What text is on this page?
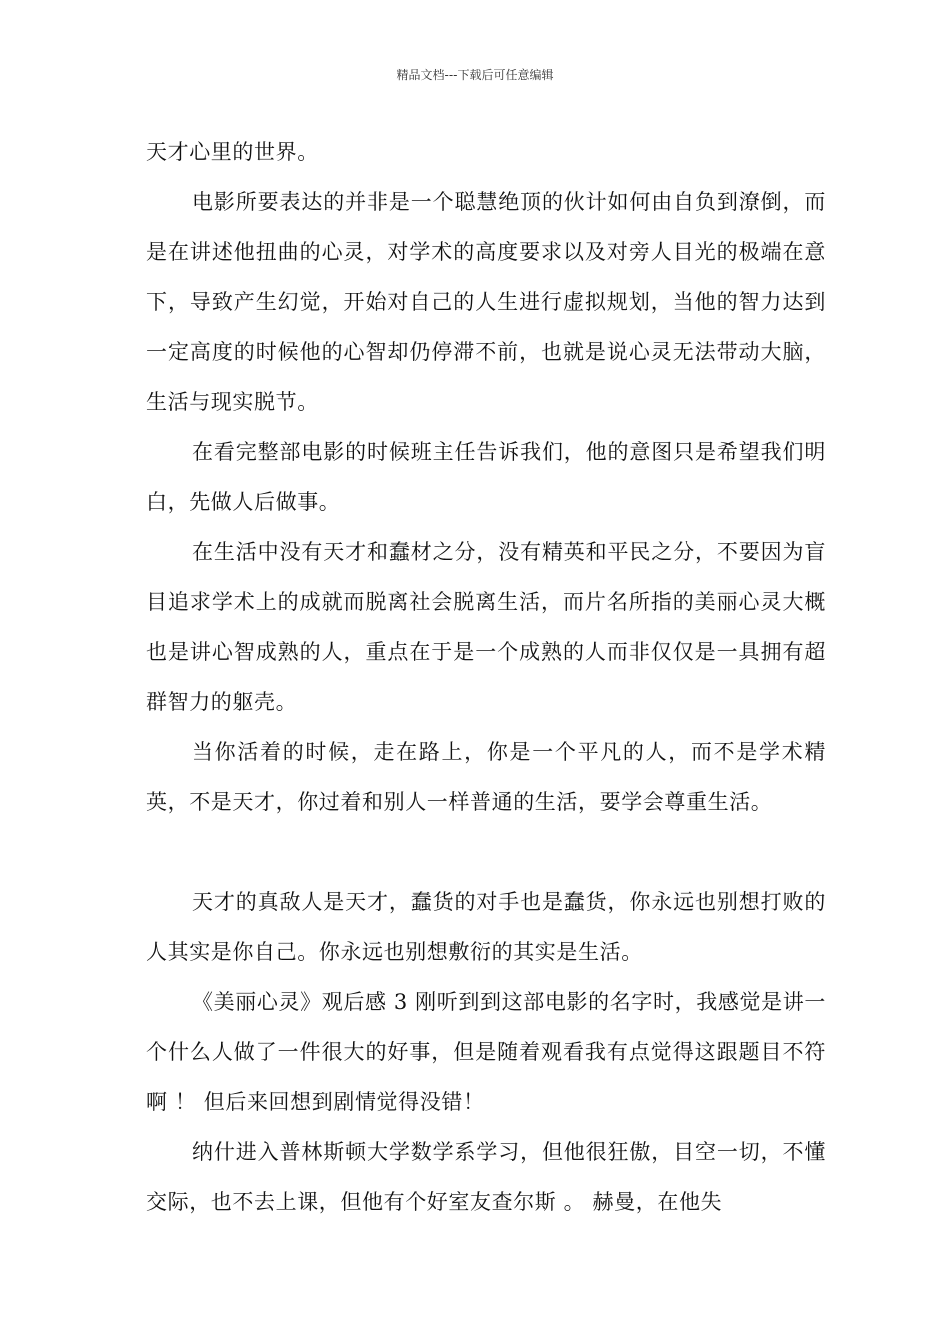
精品文档---下载后可任意编辑

天才心里的世界。

电影所要表达的并非是一个聪慧绝顶的伙计如何由自负到潦倒，而是在讲述他扭曲的心灵，对学术的高度要求以及对旁人目光的极端在意下，导致产生幻觉，开始对自己的人生进行虚拟规划，当他的智力达到一定高度的时候他的心智却仍停滞不前，也就是说心灵无法带动大脑，生活与现实脱节。

在看完整部电影的时候班主任告诉我们，他的意图只是希望我们明白，先做人后做事。

在生活中没有天才和蠢材之分，没有精英和平民之分，不要因为盲目追求学术上的成就而脱离社会脱离生活，而片名所指的美丽心灵大概也是讲心智成熟的人，重点在于是一个成熟的人而非仅仅是一具拥有超群智力的躯壳。

当你活着的时候，走在路上，你是一个平凡的人，而不是学术精英，不是天才，你过着和别人一样普通的生活，要学会尊重生活。

天才的真敌人是天才，蠢货的对手也是蠢货，你永远也别想打败的人其实是你自己。你永远也别想敷衍的其实是生活。

《美丽心灵》观后感 3 刚听到到这部电影的名字时，我感觉是讲一个什么人做了一件很大的好事，但是随着观看我有点觉得这跟题目不符啊 ！ 但后来回想到剧情觉得没错！

纳什进入普林斯顿大学数学系学习，但他很狂傲，目空一切，不懂交际，也不去上课，但他有个好室友查尔斯 。 赫曼，在他失
